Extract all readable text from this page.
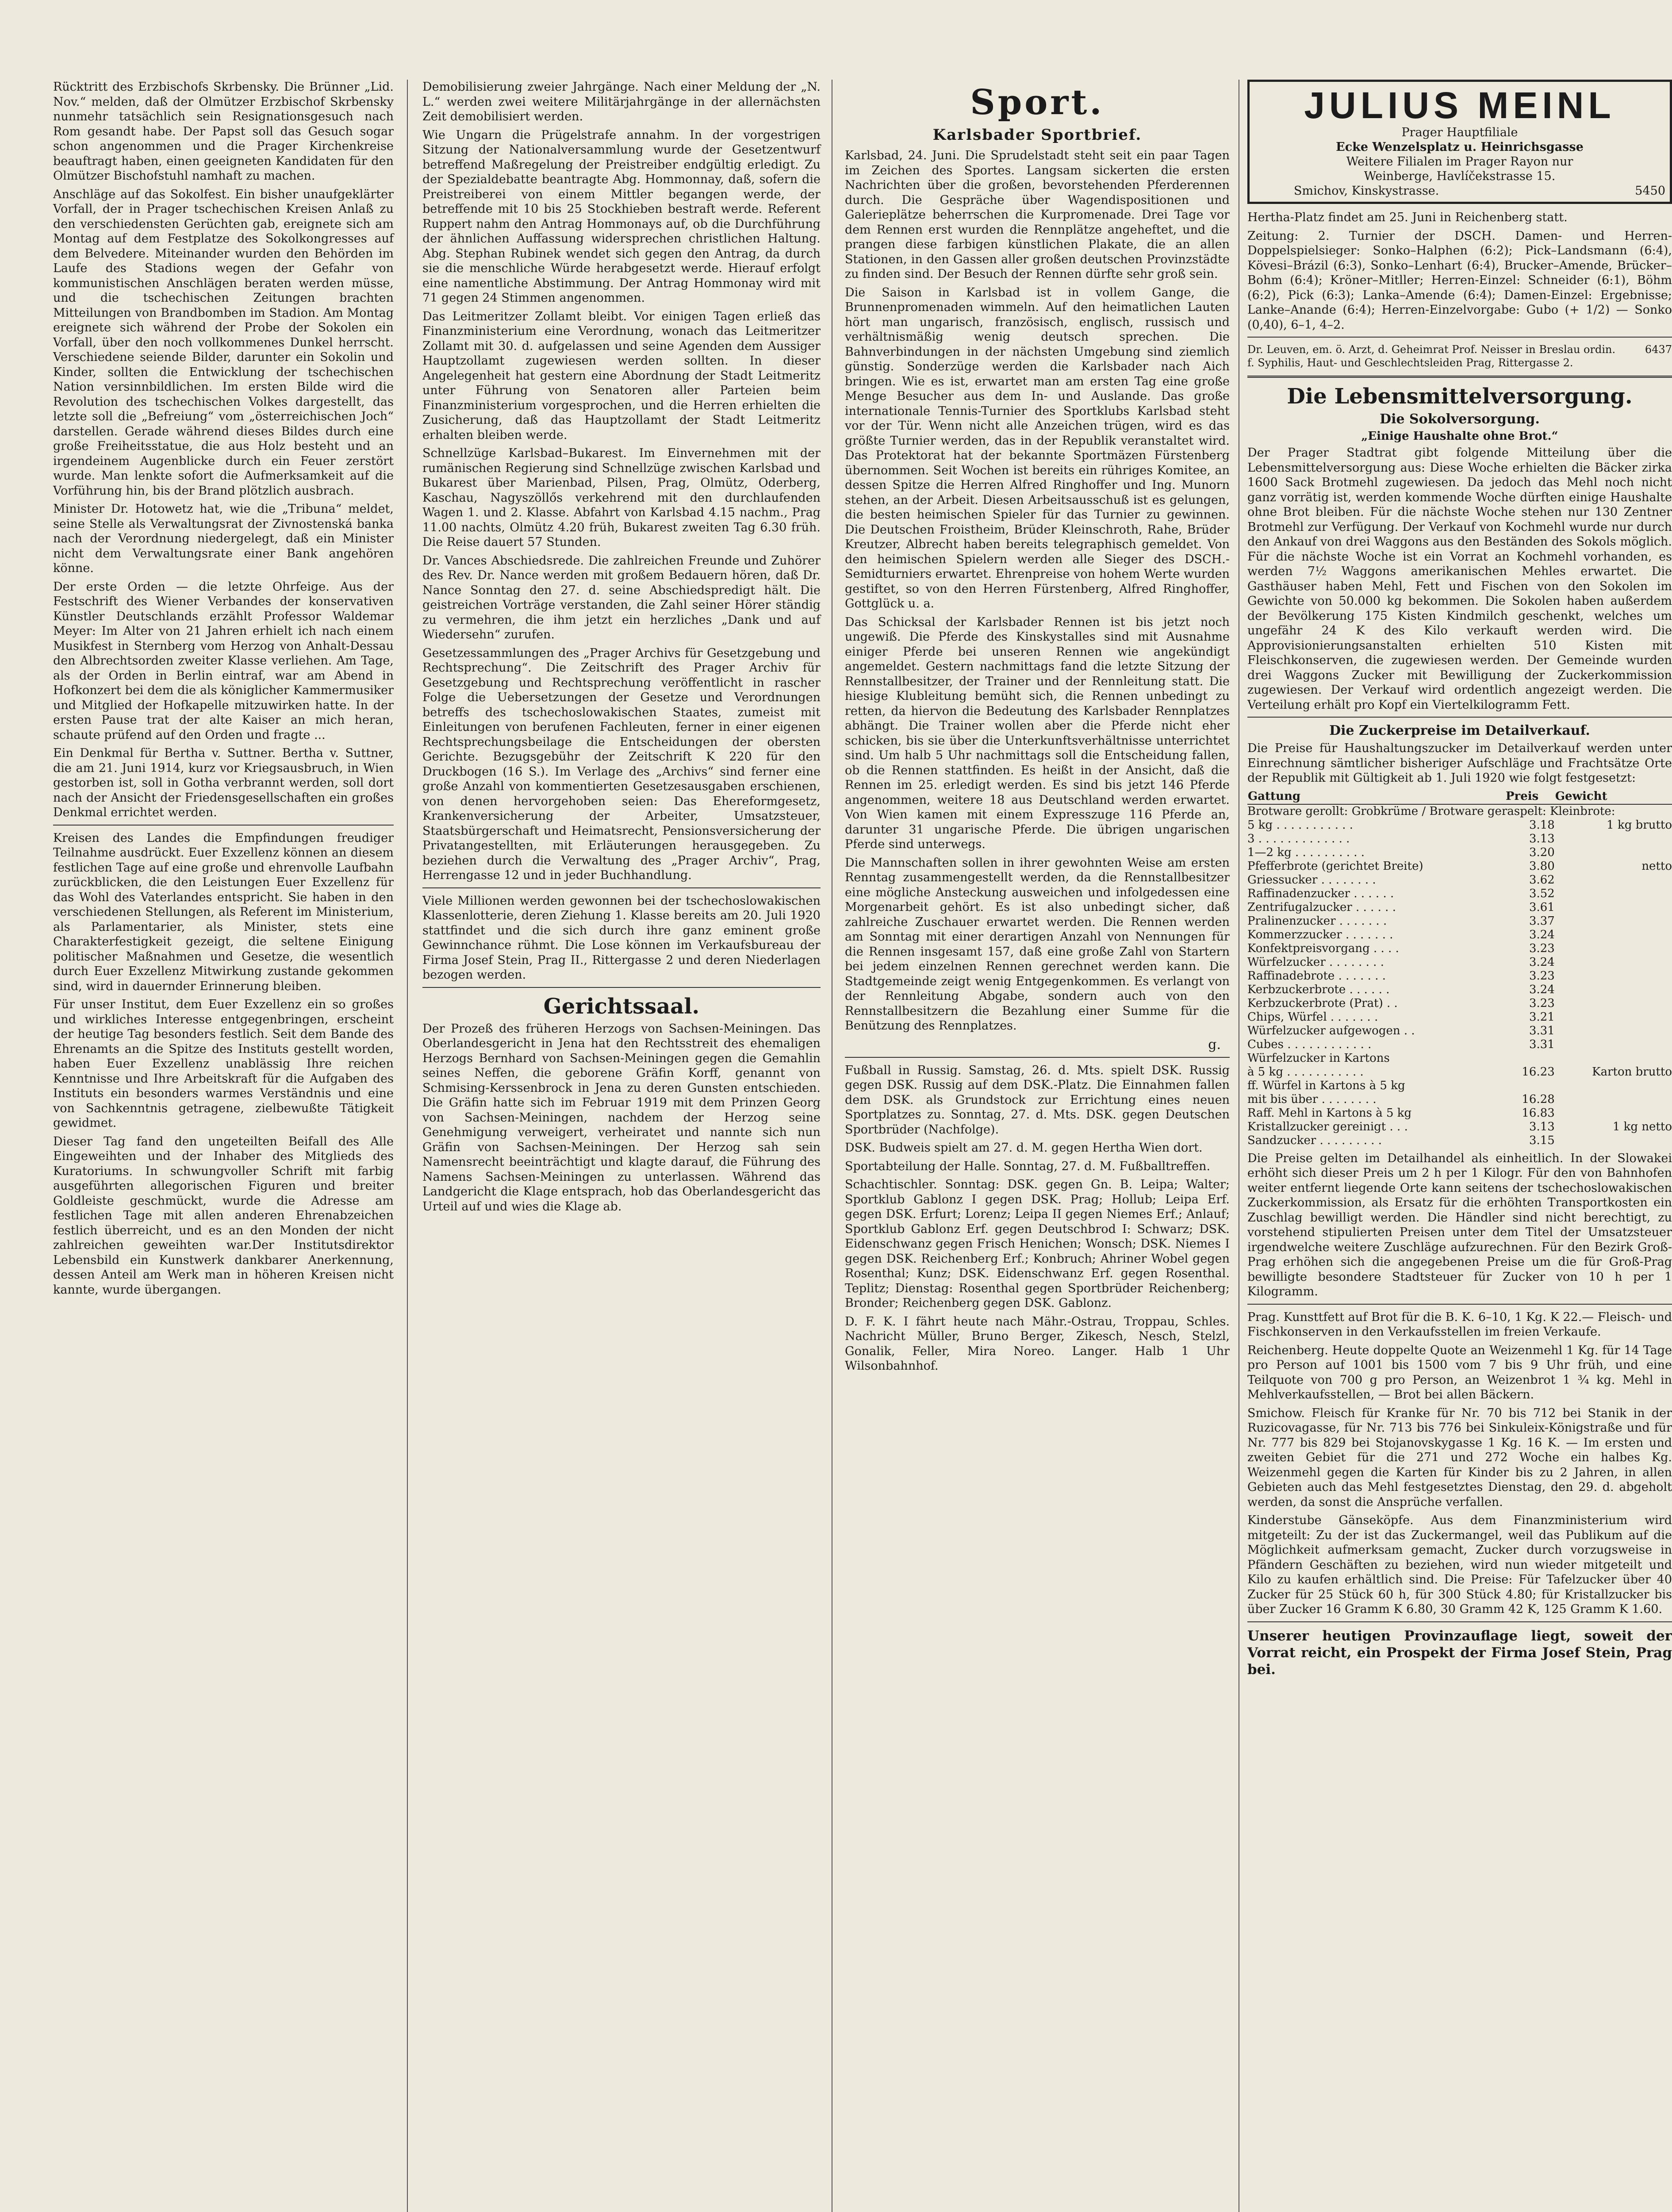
Rücktritt des Erzbischofs Skrbensky. Die Brünner „Lid. Nov.“ melden, daß der Olmützer Erzbischof Skrbensky nunmehr tatsächlich sein Resignationsgesuch nach Rom gesandt habe. Der Papst soll das Gesuch sogar schon angenommen und die Prager Kirchenkreise beauftragt haben, einen geeigneten Kandidaten für den Olmützer Bischofstuhl namhaft zu machen.

Anschläge auf das Sokolfest. Ein bisher unaufgeklärter Vorfall, der in Prager tschechischen Kreisen Anlaß zu den verschiedensten Gerüchten gab, ereignete sich am Montag auf dem Festplatze des Sokolkongresses auf dem Belvedere. Miteinander wurden den Behörden im Laufe des Stadions wegen der Gefahr von kommunistischen Anschlägen beraten werden müsse, und die tschechischen Zeitungen brachten Mitteilungen von Brandbomben im Stadion. Am Montag ereignete sich während der Probe der Sokolen ein Vorfall, über den noch vollkommenes Dunkel herrscht. Verschiedene seiende Bilder, darunter ein Sokolin und Kinder, sollten die Entwicklung der tschechischen Nation versinnbildlichen. Im ersten Bilde wird die Revolution des tschechischen Volkes dargestellt, das letzte soll die „Befreiung“ vom „österreichischen Joch“ darstellen. Gerade während dieses Bildes durch eine große Freiheitsstatue, die aus Holz besteht und an irgendeinem Augenblicke durch ein Feuer zerstört wurde. Man lenkte sofort die Aufmerksamkeit auf die Vorführung hin, bis der Brand plötzlich ausbrach.

Minister Dr. Hotowetz hat, wie die „Tribuna“ meldet, seine Stelle als Verwaltungsrat der Zivnostenská banka nach der Verordnung niedergelegt, daß ein Minister nicht dem Verwaltungsrate einer Bank angehören könne.

Der erste Orden — die letzte Ohrfeige. Aus der Festschrift des Wiener Verbandes der konservativen Künstler Deutschlands erzählt Professor Waldemar Meyer: Im Alter von 21 Jahren erhielt ich nach einem Musikfest in Sternberg vom Herzog von Anhalt-Dessau den Albrechtsorden zweiter Klasse verliehen. Am Tage, als der Orden in Berlin eintraf, war am Abend in Hofkonzert bei dem die als königlicher Kammermusiker und Mitglied der Hofkapelle mitzuwirken hatte. In der ersten Pause trat der alte Kaiser an mich heran, schaute prüfend auf den Orden und fragte ...

Ein Denkmal für Bertha v. Suttner. Bertha v. Suttner, die am 21. Juni 1914, kurz vor Kriegsausbruch, in Wien gestorben ist, soll in Gotha verbrannt werden, soll dort nach der Ansicht der Friedensgesellschaften ein großes Denkmal errichtet werden.

Kreisen des Landes die Empfindungen freudiger Teilnahme ausdrückt. Euer Exzellenz können an diesem festlichen Tage auf eine große und ehrenvolle Laufbahn zurückblicken, die den Leistungen Euer Exzellenz für das Wohl des Vaterlandes entspricht. Sie haben in den verschiedenen Stellungen, als Referent im Ministerium, als Parlamentarier, als Minister, stets eine Charakterfestigkeit gezeigt, die seltene Einigung politischer Maßnahmen und Gesetze, die wesentlich durch Euer Exzellenz Mitwirkung zustande gekommen sind, wird in dauernder Erinnerung bleiben.

Für unser Institut, dem Euer Exzellenz ein so großes und wirkliches Interesse entgegenbringen, erscheint der heutige Tag besonders festlich. Seit dem Bande des Ehrenamts an die Spitze des Instituts gestellt worden, haben Euer Exzellenz unablässig Ihre reichen Kenntnisse und Ihre Arbeitskraft für die Aufgaben des Instituts ein besonders warmes Verständnis und eine von Sachkenntnis getragene, zielbewußte Tätigkeit gewidmet.

Dieser Tag fand den ungeteilten Beifall des Alle Eingeweihten und der Inhaber des Mitglieds des Kuratoriums. In schwungvoller Schrift mit farbig ausgeführten allegorischen Figuren und breiter Goldleiste geschmückt, wurde die Adresse am festlichen Tage mit allen anderen Ehrenabzeichen festlich überreicht, und es an den Monden der nicht zahlreichen geweihten war.Der Institutsdirektor Lebensbild ein Kunstwerk dankbarer Anerkennung, dessen Anteil am Werk man in höheren Kreisen nicht kannte, wurde übergangen.

Demobilisierung zweier Jahrgänge. Nach einer Meldung der „N. L.“ werden zwei weitere Militärjahrgänge in der allernächsten Zeit demobilisiert werden.

Wie Ungarn die Prügelstrafe annahm. In der vorgestrigen Sitzung der Nationalversammlung wurde der Gesetzentwurf betreffend Maßregelung der Preistreiber endgültig erledigt. Zu der Spezialdebatte beantragte Abg. Hommonnay, daß, sofern die Preistreiberei von einem Mittler begangen werde, der betreffende mit 10 bis 25 Stockhieben bestraft werde. Referent Ruppert nahm den Antrag Hommonays auf, ob die Durchführung der ähnlichen Auffassung widersprechen christlichen Haltung. Abg. Stephan Rubinek wendet sich gegen den Antrag, da durch sie die menschliche Würde herabgesetzt werde. Hierauf erfolgt eine namentliche Abstimmung. Der Antrag Hommonay wird mit 71 gegen 24 Stimmen angenommen.

Das Leitmeritzer Zollamt bleibt. Vor einigen Tagen erließ das Finanzministerium eine Verordnung, wonach das Leitmeritzer Zollamt mit 30. d. aufgelassen und seine Agenden dem Aussiger Hauptzollamt zugewiesen werden sollten. In dieser Angelegenheit hat gestern eine Abordnung der Stadt Leitmeritz unter Führung von Senatoren aller Parteien beim Finanzministerium vorgesprochen, und die Herren erhielten die Zusicherung, daß das Hauptzollamt der Stadt Leitmeritz erhalten bleiben werde.

Schnellzüge Karlsbad–Bukarest. Im Einvernehmen mit der rumänischen Regierung sind Schnellzüge zwischen Karlsbad und Bukarest über Marienbad, Pilsen, Prag, Olmütz, Oderberg, Kaschau, Nagyszöllős verkehrend mit den durchlaufenden Wagen 1. und 2. Klasse. Abfahrt von Karlsbad 4.15 nachm., Prag 11.00 nachts, Olmütz 4.20 früh, Bukarest zweiten Tag 6.30 früh. Die Reise dauert 57 Stunden.

Dr. Vances Abschiedsrede. Die zahlreichen Freunde und Zuhörer des Rev. Dr. Nance werden mit großem Bedauern hören, daß Dr. Nance Sonntag den 27. d. seine Abschiedspredigt hält. Die geistreichen Vorträge verstanden, die Zahl seiner Hörer ständig zu vermehren, die ihm jetzt ein herzliches „Dank und auf Wiedersehn“ zurufen.

Gesetzessammlungen des „Prager Archivs für Gesetzgebung und Rechtsprechung“. Die Zeitschrift des Prager Archiv für Gesetzgebung und Rechtsprechung veröffentlicht in rascher Folge die Uebersetzungen der Gesetze und Verordnungen betreffs des tschechoslowakischen Staates, zumeist mit Einleitungen von berufenen Fachleuten, ferner in einer eigenen Rechtsprechungsbeilage die Entscheidungen der obersten Gerichte. Bezugsgebühr der Zeitschrift K 220 für den Druckbogen (16 S.). Im Verlage des „Archivs“ sind ferner eine große Anzahl von kommentierten Gesetzesausgaben erschienen, von denen hervorgehoben seien: Das Ehereformgesetz, Krankenversicherung der Arbeiter, Umsatzsteuer, Staatsbürgerschaft und Heimatsrecht, Pensionsversicherung der Privatangestellten, mit Erläuterungen herausgegeben. Zu beziehen durch die Verwaltung des „Prager Archiv“, Prag, Herrengasse 12 und in jeder Buchhandlung.

Viele Millionen werden gewonnen bei der tschechoslowakischen Klassenlotterie, deren Ziehung 1. Klasse bereits am 20. Juli 1920 stattfindet und die sich durch ihre ganz eminent große Gewinnchance rühmt. Die Lose können im Verkaufsbureau der Firma Josef Stein, Prag II., Rittergasse 2 und deren Niederlagen bezogen werden.

Gerichtssaal.

Der Prozeß des früheren Herzogs von Sachsen-Meiningen. Das Oberlandesgericht in Jena hat den Rechtsstreit des ehemaligen Herzogs Bernhard von Sachsen-Meiningen gegen die Gemahlin seines Neffen, die geborene Gräfin Korff, genannt von Schmising-Kerssenbrock in Jena zu deren Gunsten entschieden. Die Gräfin hatte sich im Februar 1919 mit dem Prinzen Georg von Sachsen-Meiningen, nachdem der Herzog seine Genehmigung verweigert, verheiratet und nannte sich nun Gräfin von Sachsen-Meiningen. Der Herzog sah sein Namensrecht beeinträchtigt und klagte darauf, die Führung des Namens Sachsen-Meiningen zu unterlassen. Während das Landgericht die Klage entsprach, hob das Oberlandesgericht das Urteil auf und wies die Klage ab.

Sport.
Karlsbader Sportbrief.

Karlsbad, 24. Juni. Die Sprudelstadt steht seit ein paar Tagen im Zeichen des Sportes. Langsam sickerten die ersten Nachrichten über die großen, bevorstehenden Pferderennen durch. Die Gespräche über Wagendispositionen und Galerieplätze beherrschen die Kurpromenade. Drei Tage vor dem Rennen erst wurden die Rennplätze angeheftet, und die prangen diese farbigen künstlichen Plakate, die an allen Stationen, in den Gassen aller großen deutschen Provinzstädte zu finden sind. Der Besuch der Rennen dürfte sehr groß sein.

Die Saison in Karlsbad ist in vollem Gange, die Brunnenpromenaden wimmeln. Auf den heimatlichen Lauten hört man ungarisch, französisch, englisch, russisch und verhältnismäßig wenig deutsch sprechen. Die Bahnverbindungen in der nächsten Umgebung sind ziemlich günstig. Sonderzüge werden die Karlsbader nach Aich bringen. Wie es ist, erwartet man am ersten Tag eine große Menge Besucher aus dem In- und Auslande. Das große internationale Tennis-Turnier des Sportklubs Karlsbad steht vor der Tür. Wenn nicht alle Anzeichen trügen, wird es das größte Turnier werden, das in der Republik veranstaltet wird. Das Protektorat hat der bekannte Sportmäzen Fürstenberg übernommen. Seit Wochen ist bereits ein rühriges Komitee, an dessen Spitze die Herren Alfred Ringhoffer und Ing. Munorn stehen, an der Arbeit. Diesen Arbeitsausschuß ist es gelungen, die besten heimischen Spieler für das Turnier zu gewinnen. Die Deutschen Froistheim, Brüder Kleinschroth, Rahe, Brüder Kreutzer, Albrecht haben bereits telegraphisch gemeldet. Von den heimischen Spielern werden alle Sieger des DSCH.-Semidturniers erwartet. Ehrenpreise von hohem Werte wurden gestiftet, so von den Herren Fürstenberg, Alfred Ringhoffer, Gottglück u. a.

Das Schicksal der Karlsbader Rennen ist bis jetzt noch ungewiß. Die Pferde des Kinskystalles sind mit Ausnahme einiger Pferde bei unseren Rennen wie angekündigt angemeldet. Gestern nachmittags fand die letzte Sitzung der Rennstallbesitzer, der Trainer und der Rennleitung statt. Die hiesige Klubleitung bemüht sich, die Rennen unbedingt zu retten, da hiervon die Bedeutung des Karlsbader Rennplatzes abhängt. Die Trainer wollen aber die Pferde nicht eher schicken, bis sie über die Unterkunftsverhältnisse unterrichtet sind. Um halb 5 Uhr nachmittags soll die Entscheidung fallen, ob die Rennen stattfinden. Es heißt in der Ansicht, daß die Rennen im 25. erledigt werden. Es sind bis jetzt 146 Pferde angenommen, weitere 18 aus Deutschland werden erwartet. Von Wien kamen mit einem Expresszuge 116 Pferde an, darunter 31 ungarische Pferde. Die übrigen ungarischen Pferde sind unterwegs.

Die Mannschaften sollen in ihrer gewohnten Weise am ersten Renntag zusammengestellt werden, da die Rennstallbesitzer eine mögliche Ansteckung ausweichen und infolgedessen eine Morgenarbeit gehört. Es ist also unbedingt sicher, daß zahlreiche Zuschauer erwartet werden. Die Rennen werden am Sonntag mit einer derartigen Anzahl von Nennungen für die Rennen insgesamt 157, daß eine große Zahl von Startern bei jedem einzelnen Rennen gerechnet werden kann. Die Stadtgemeinde zeigt wenig Entgegenkommen. Es verlangt von der Rennleitung Abgabe, sondern auch von den Rennstallbesitzern die Bezahlung einer Summe für die Benützung des Rennplatzes.

g.

Fußball in Russig. Samstag, 26. d. Mts. spielt DSK. Russig gegen DSK. Russig auf dem DSK.-Platz. Die Einnahmen fallen dem DSK. als Grundstock zur Errichtung eines neuen Sportplatzes zu. Sonntag, 27. d. Mts. DSK. gegen Deutschen Sportbrüder (Nachfolge).

DSK. Budweis spielt am 27. d. M. gegen Hertha Wien dort.

Sportabteilung der Halle. Sonntag, 27. d. M. Fußballtreffen.

Schachtischler. Sonntag: DSK. gegen Gn. B. Leipa; Walter; Sportklub Gablonz I gegen DSK. Prag; Hollub; Leipa Erf. gegen DSK. Erfurt; Lorenz; Leipa II gegen Niemes Erf.; Anlauf; Sportklub Gablonz Erf. gegen Deutschbrod I: Schwarz; DSK. Eidenschwanz gegen Frisch Henichen; Wonsch; DSK. Niemes I gegen DSK. Reichenberg Erf.; Konbruch; Ahriner Wobel gegen Rosenthal; Kunz; DSK. Eidenschwanz Erf. gegen Rosenthal. Teplitz; Dienstag: Rosenthal gegen Sportbrüder Reichenberg; Bronder; Reichenberg gegen DSK. Gablonz.

D. F. K. I fährt heute nach Mähr.-Ostrau, Troppau, Schles. Nachricht Müller, Bruno Berger, Zikesch, Nesch, Stelzl, Gonalik, Feller, Mira Noreo. Langer. Halb 1 Uhr Wilsonbahnhof.

JULIUS MEINL
Prager Hauptfiliale
Ecke Wenzelsplatz u. Heinrichsgasse
Weitere Filialen im Prager Rayon nur
Weinberge, Havlíčekstrasse 15.
Smichov, Kinskystrasse.	5450

Hertha-Platz findet am 25. Juni in Reichenberg statt.

Zeitung: 2. Turnier der DSCH. Damen- und Herren-Doppelspielsieger: Sonko–Halphen (6:2); Pick–Landsmann (6:4), Kövesi–Brázil (6:3), Sonko–Lenhart (6:4), Brucker–Amende, Brücker–Bohm (6:4); Kröner–Mitller; Herren-Einzel: Schneider (6:1), Böhm (6:2), Pick (6:3); Lanka–Amende (6:4); Damen-Einzel: Ergebnisse; Lanke–Anande (6:4); Herren-Einzelvorgabe: Gubo (+ 1/2) — Sonko (0,40), 6–1, 4–2.

Dr. Leuven, em. ö. Arzt, d. Geheimrat Prof. Neisser in Breslau ordin. f. Syphilis, Haut- und Geschlechtsleiden Prag, Rittergasse 2.
6437
Die Lebensmittelversorgung.
Die Sokolversorgung.
„Einige Haushalte ohne Brot.“

Der Prager Stadtrat gibt folgende Mitteilung über die Lebensmittelversorgung aus: Diese Woche erhielten die Bäcker zirka 1600 Sack Brotmehl zugewiesen. Da jedoch das Mehl noch nicht ganz vorrätig ist, werden kommende Woche dürften einige Haushalte ohne Brot bleiben. Für die nächste Woche stehen nur 130 Zentner Brotmehl zur Verfügung. Der Verkauf von Kochmehl wurde nur durch den Ankauf von drei Waggons aus den Beständen des Sokols möglich. Für die nächste Woche ist ein Vorrat an Kochmehl vorhanden, es werden 7½ Waggons amerikanischen Mehles erwartet. Die Gasthäuser haben Mehl, Fett und Fischen von den Sokolen im Gewichte von 50.000 kg bekommen. Die Sokolen haben außerdem der Bevölkerung 175 Kisten Kindmilch geschenkt, welches um ungefähr 24 K des Kilo verkauft werden wird. Die Approvisionierungsanstalten erhielten 510 Kisten mit Fleischkonserven, die zugewiesen werden. Der Gemeinde wurden drei Waggons Zucker mit Bewilligung der Zuckerkommission zugewiesen. Der Verkauf wird ordentlich angezeigt werden. Die Verteilung erhält pro Kopf ein Viertelkilogramm Fett.

Die Zuckerpreise im Detailverkauf.

Die Preise für Haushaltungszucker im Detailverkauf werden unter Einrechnung sämtlicher bisheriger Aufschläge und Frachtsätze Orte der Republik mit Gültigkeit ab 1. Juli 1920 wie folgt festgesetzt:

Gattung	Preis	Gewicht
Brotware gerollt: Grobkrüme / Brotware geraspelt: Kleinbrote:		
5 kg . . . . . . . . . . .	3.18	1 kg brutto
3 . . . . . . . . . . . . .	3.13	
1—2 kg . . . . . . . . . .	3.20	
Pfefferbrote (gerichtet Breite)	3.80	netto
Griessucker . . . . . . . .	3.62	
Raffinadenzucker . . . . . .	3.52	
Zentrifugalzucker . . . . . .	3.61	
Pralinenzucker . . . . . . .	3.37	
Kommerzzucker . . . . . . .	3.24	
Konfektpreisvorgang . . . .	3.23	
Würfelzucker . . . . . . . .	3.24	
Raffinadebrote . . . . . . .	3.23	
Kerbzuckerbrote . . . . . .	3.24	
Kerbzuckerbrote (Prat) . .	3.23	
Chips, Würfel . . . . . . .	3.21	
Würfelzucker aufgewogen . .	3.31	
Cubes . . . . . . . . . . . .	3.31	
Würfelzucker in Kartons		
à 5 kg . . . . . . . . . . .	16.23	Karton brutto
ff. Würfel in Kartons à 5 kg		
mit bis über . . . . . . . .	16.28	
Raff. Mehl in Kartons à 5 kg	16.83	
Kristallzucker gereinigt . . .	3.13	1 kg netto
Sandzucker . . . . . . . . .	3.15	

Die Preise gelten im Detailhandel als einheitlich. In der Slowakei erhöht sich dieser Preis um 2 h per 1 Kilogr. Für den von Bahnhofen weiter entfernt liegende Orte kann seitens der tschechoslowakischen Zuckerkommission, als Ersatz für die erhöhten Transportkosten ein Zuschlag bewilligt werden. Die Händler sind nicht berechtigt, zu vorstehend stipulierten Preisen unter dem Titel der Umsatzsteuer irgendwelche weitere Zuschläge aufzurechnen. Für den Bezirk Groß-Prag erhöhen sich die angegebenen Preise um die für Groß-Prag bewilligte besondere Stadtsteuer für Zucker von 10 h per 1 Kilogramm.

Prag. Kunsttfett auf Brot für die B. K. 6–10, 1 Kg. K 22.— Fleisch- und Fischkonserven in den Verkaufsstellen im freien Verkaufe.

Reichenberg. Heute doppelte Quote an Weizenmehl 1 Kg. für 14 Tage pro Person auf 1001 bis 1500 vom 7 bis 9 Uhr früh, und eine Teilquote von 700 g pro Person, an Weizenbrot 1 ¾ kg. Mehl in Mehlverkaufsstellen, — Brot bei allen Bäckern.

Smichow. Fleisch für Kranke für Nr. 70 bis 712 bei Stanik in der Ruzicovagasse, für Nr. 713 bis 776 bei Sinkuleix-Königstraße und für Nr. 777 bis 829 bei Stojanovskygasse 1 Kg. 16 K. — Im ersten und zweiten Gebiet für die 271 und 272 Woche ein halbes Kg. Weizenmehl gegen die Karten für Kinder bis zu 2 Jahren, in allen Gebieten auch das Mehl festgesetztes Dienstag, den 29. d. abgeholt werden, da sonst die Ansprüche verfallen.

Kinderstube Gänseköpfe. Aus dem Finanzministerium wird mitgeteilt: Zu der ist das Zuckermangel, weil das Publikum auf die Möglichkeit aufmerksam gemacht, Zucker durch vorzugsweise in Pfändern Geschäften zu beziehen, wird nun wieder mitgeteilt und Kilo zu kaufen erhältlich sind. Die Preise: Für Tafelzucker über 40 Zucker für 25 Stück 60 h, für 300 Stück 4.80; für Kristallzucker bis über Zucker 16 Gramm K 6.80, 30 Gramm 42 K, 125 Gramm K 1.60.

Unserer heutigen Provinzauflage liegt, soweit der Vorrat reicht, ein Prospekt der Firma Josef Stein, Prag bei.
